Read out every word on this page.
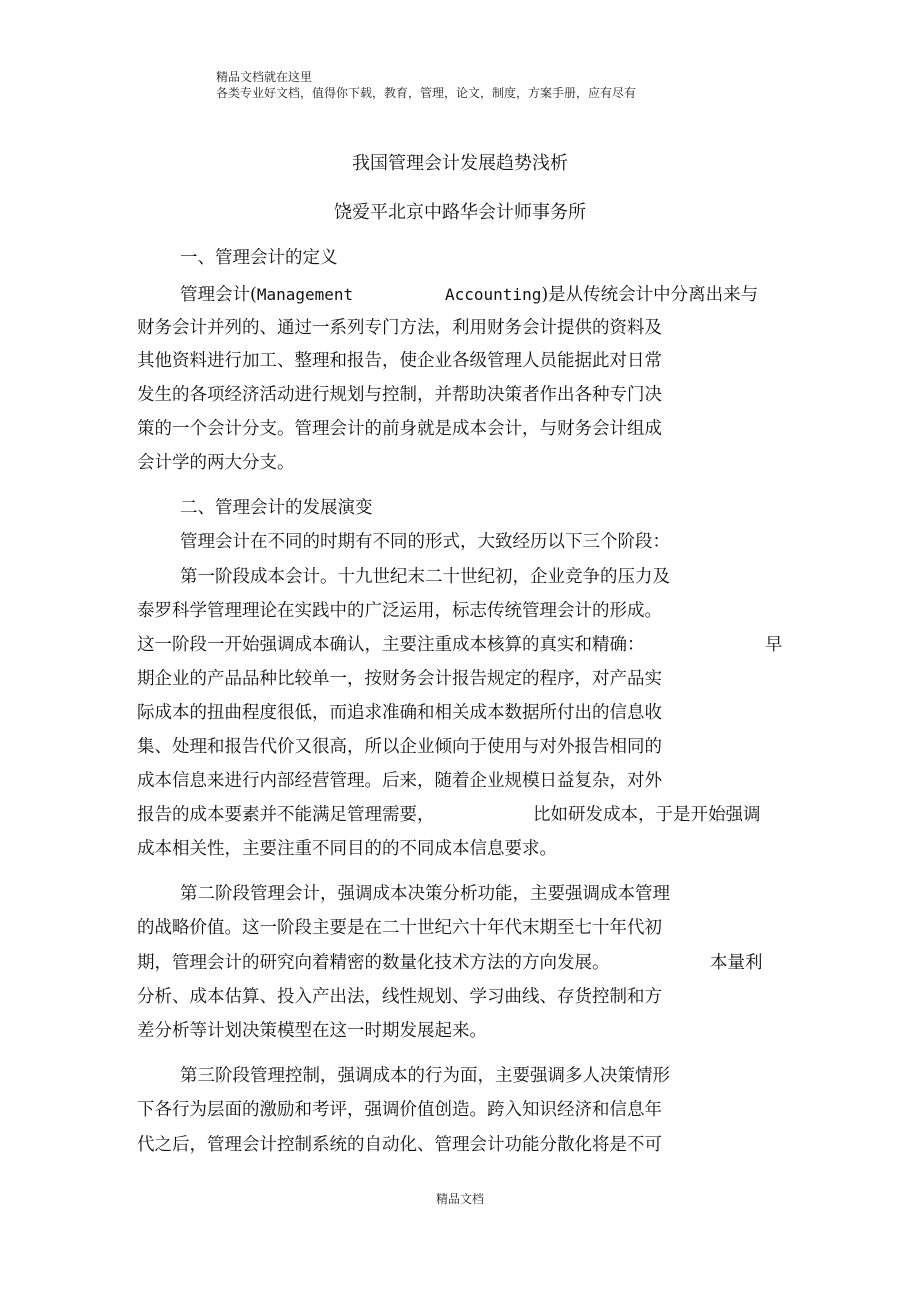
精品文档就在这里
各类专业好文档，值得你下载，教育，管理，论文，制度，方案手册，应有尽有
我国管理会计发展趋势浅析
饶爱平北京中路华会计师事务所
一、管理会计的定义
管理会计(Management	Accounting)是从传统会计中分离出来与
财务会计并列的、通过一系列专门方法，利用财务会计提供的资料及
其他资料进行加工、整理和报告，使企业各级管理人员能据此对日常
发生的各项经济活动进行规划与控制，并帮助决策者作出各种专门决
策的一个会计分支。管理会计的前身就是成本会计，与财务会计组成
会计学的两大分支。
二、管理会计的发展演变
管理会计在不同的时期有不同的形式，大致经历以下三个阶段：
第一阶段成本会计。十九世纪末二十世纪初，企业竞争的压力及
泰罗科学管理理论在实践中的广泛运用，标志传统管理会计的形成。
这一阶段一开始强调成本确认，主要注重成本核算的真实和精确：	早
期企业的产品品种比较单一，按财务会计报告规定的程序，对产品实
际成本的扭曲程度很低，而追求准确和相关成本数据所付出的信息收
集、处理和报告代价又很高，所以企业倾向于使用与对外报告相同的
成本信息来进行内部经营管理。后来，随着企业规模日益复杂，对外
报告的成本要素并不能满足管理需要，	比如研发成本，于是开始强调
成本相关性，主要注重不同目的的不同成本信息要求。
第二阶段管理会计，强调成本决策分析功能，主要强调成本管理
的战略价值。这一阶段主要是在二十世纪六十年代末期至七十年代初
期，管理会计的研究向着精密的数量化技术方法的方向发展。	本量利
分析、成本估算、投入产出法，线性规划、学习曲线、存货控制和方
差分析等计划决策模型在这一时期发展起来。
第三阶段管理控制，强调成本的行为面，主要强调多人决策情形
下各行为层面的激励和考评，强调价值创造。跨入知识经济和信息年
代之后，管理会计控制系统的自动化、管理会计功能分散化将是不可
精品文档
